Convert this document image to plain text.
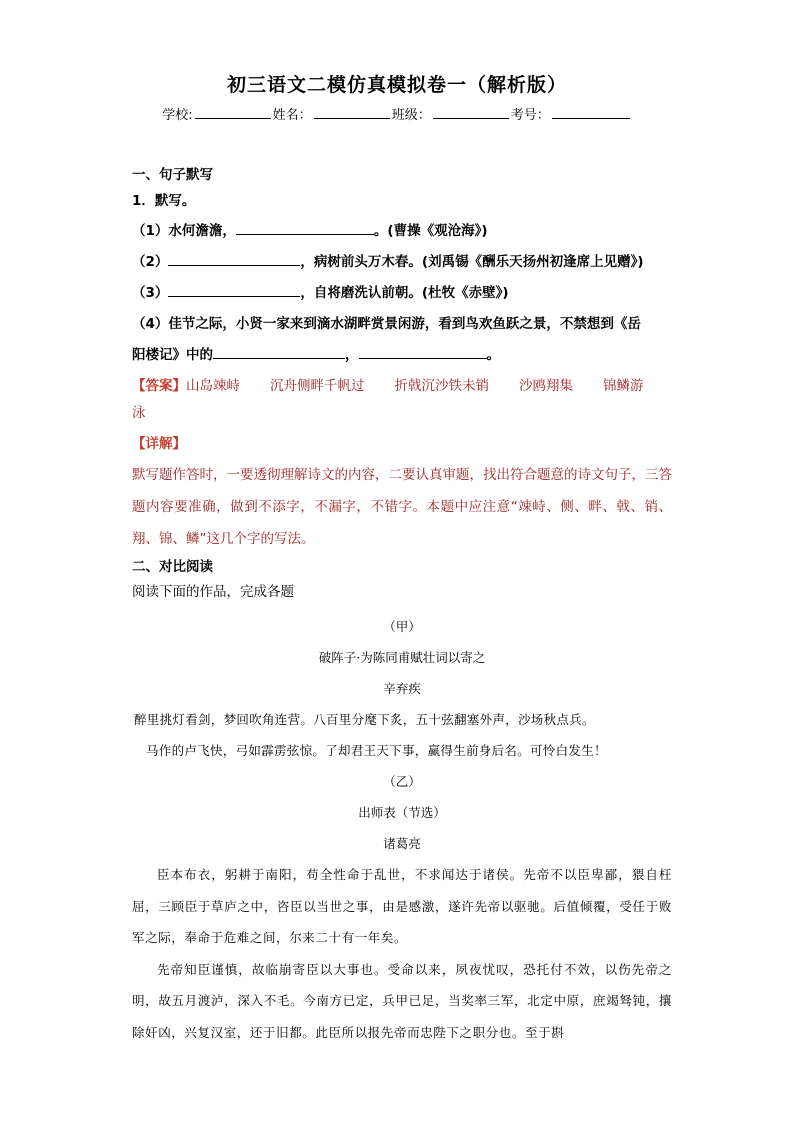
初三语文二模仿真模拟卷一（解析版）
学校:	姓名：	班级：	考号：
一、句子默写
1．默写。
（1）水何澹澹，	。(曹操《观沧海》)
（2）	，病树前头万木春。(刘禹锡《酬乐天扬州初逢席上见赠》)
（3）	，自将磨洗认前朝。(杜牧《赤壁》)
（4）佳节之际，小贤一家来到滴水湖畔赏景闲游，看到鸟欢鱼跃之景，不禁想到《岳
阳楼记》中的	，	。
【答案】山岛竦峙 沉舟侧畔千帆过 折戟沉沙铁未销 沙鸥翔集 锦鳞游
泳
【详解】
默写题作答时，一要透彻理解诗文的内容，二要认真审题，找出符合题意的诗文句子，三答题内容要准确，做到不添字，不漏字，不错字。本题中应注意“竦峙、侧、畔、戟、销、翔、锦、鳞”这几个字的写法。
二、对比阅读
阅读下面的作品，完成各题
（甲）
破阵子·为陈同甫赋壮词以寄之
辛弃疾
醉里挑灯看剑，梦回吹角连营。八百里分麾下炙，五十弦翻塞外声，沙场秋点兵。
马作的卢飞快，弓如霹雳弦惊。了却君王天下事，赢得生前身后名。可怜白发生！
（乙）
出师表（节选）
诸葛亮
臣本布衣，躬耕于南阳，苟全性命于乱世，不求闻达于诸侯。先帝不以臣卑鄙，猥自枉屈，三顾臣于草庐之中，咨臣以当世之事，由是感激，遂许先帝以驱驰。后值倾覆，受任于败军之际，奉命于危难之间，尔来二十有一年矣。
先帝知臣谨慎，故临崩寄臣以大事也。受命以来，夙夜忧叹，恐托付不效，以伤先帝之明，故五月渡泸，深入不毛。今南方已定，兵甲已足，当奖率三军，北定中原，庶竭驽钝，攘除奸凶，兴复汉室，还于旧都。此臣所以报先帝而忠陛下之职分也。至于斟
